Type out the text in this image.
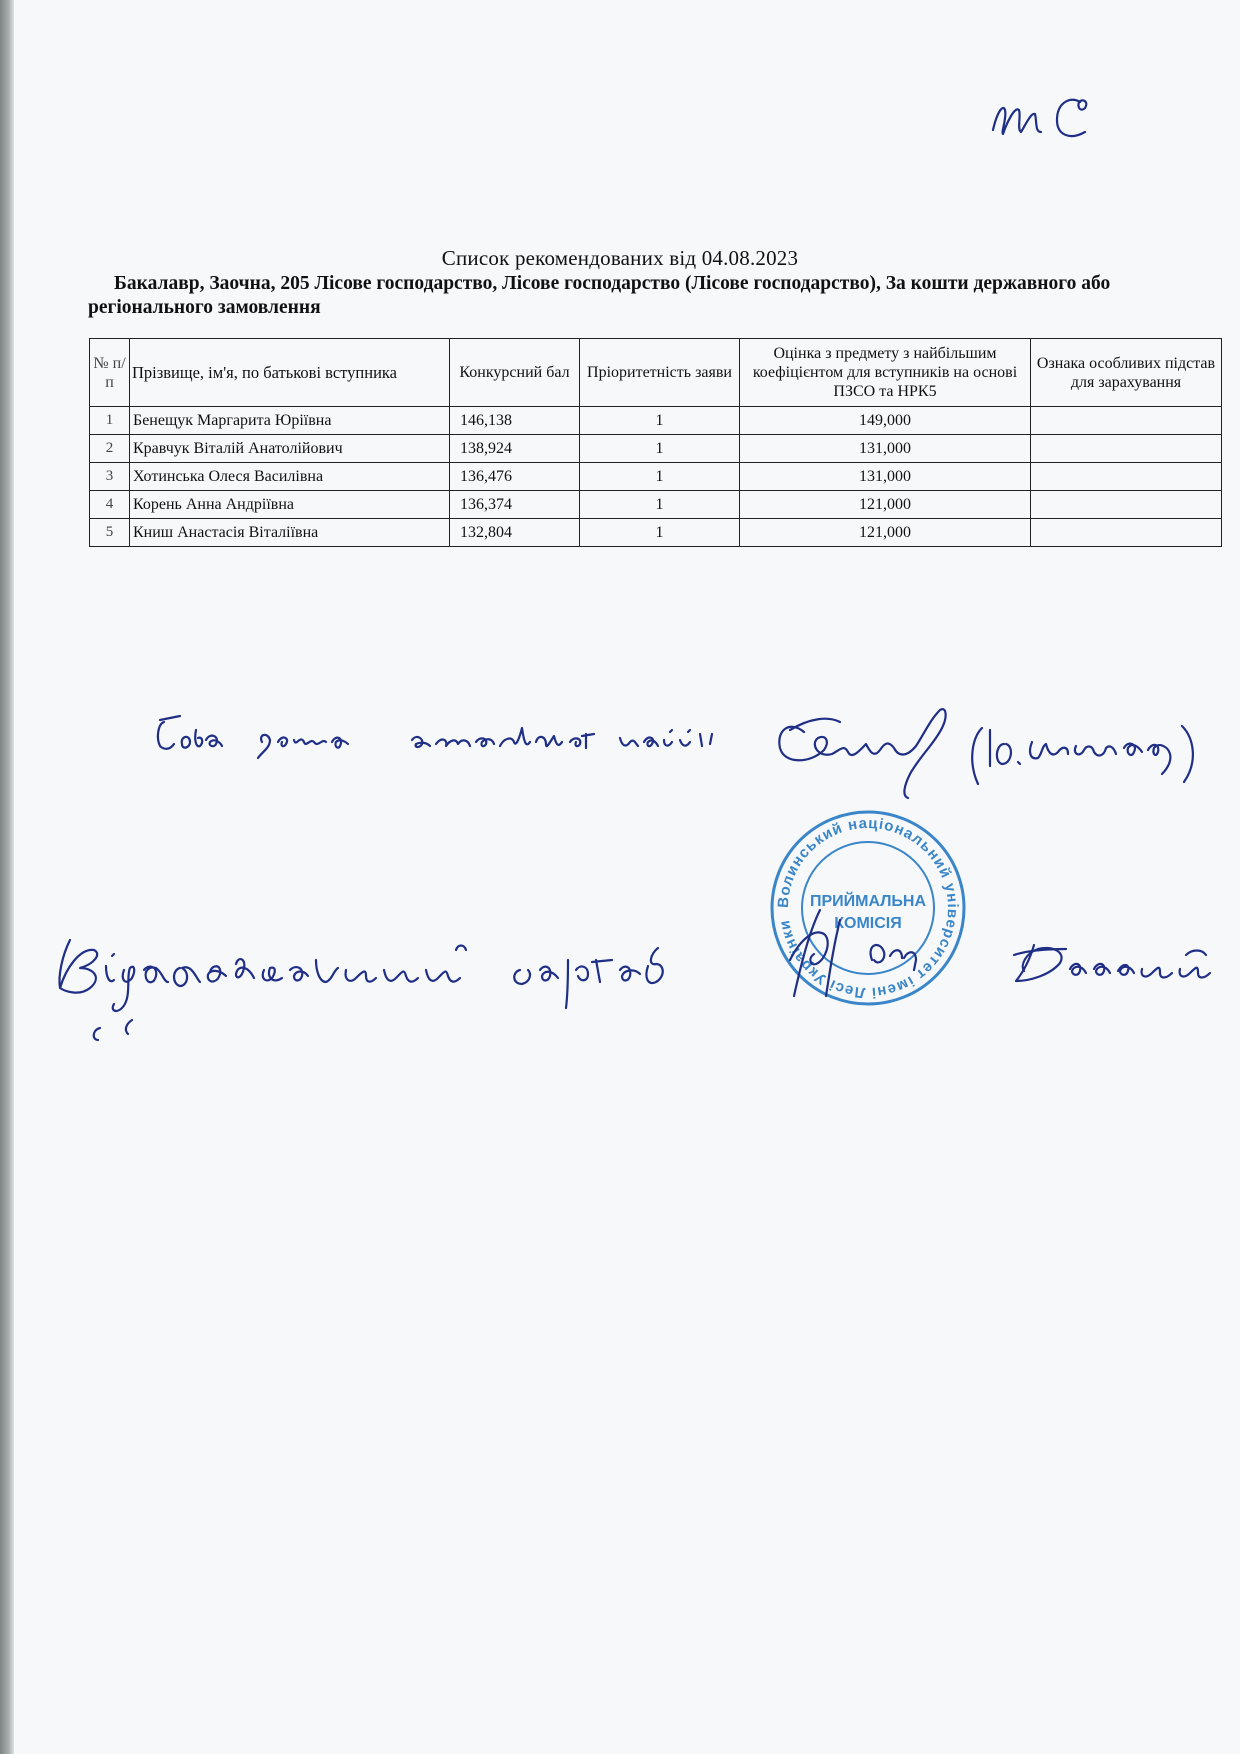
Список рекомендованих від 04.08.2023
Бакалавр, Заочна, 205 Лісове господарство, Лісове господарство (Лісове господарство), За кошти державного або регіонального замовлення
№ п/п	Прізвище, ім'я, по батькові вступника	Конкурсний бал	Пріоритетність заяви	Оцінка з предмету з найбільшим коефіцієнтом для вступників на основі ПЗСО та НРК5	Ознака особливих підстав для зарахування
1	Бенещук Маргарита Юріївна	146,138	1	149,000	
2	Кравчук Віталій Анатолійович	138,924	1	131,000	
3	Хотинська Олеся Василівна	136,476	1	131,000	
4	Корень Анна Андріївна	136,374	1	121,000	
5	Книш Анастасія Віталіївна	132,804	1	121,000	
Волинський національний університет імені Лесі Українки
ПРИЙМАЛЬНА
КОМІСІЯ
